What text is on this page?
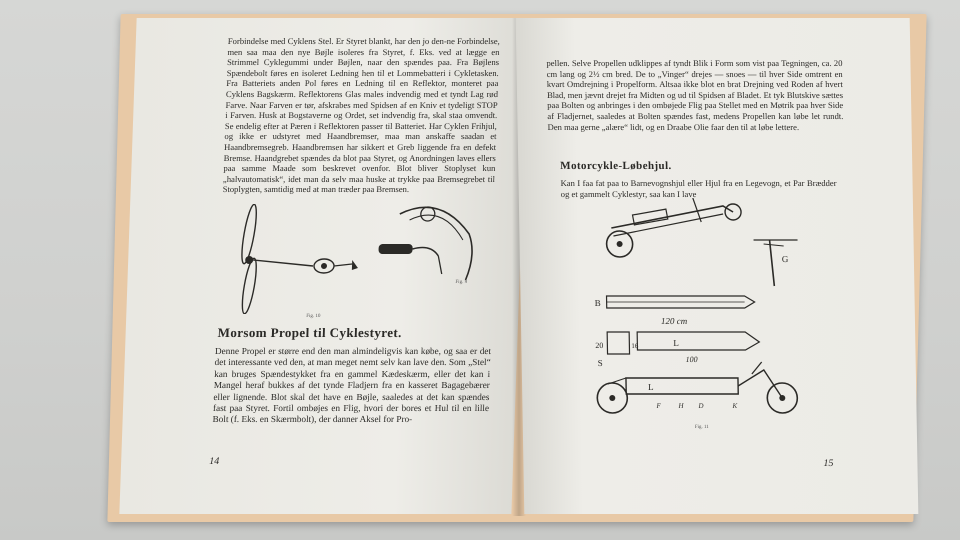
Forbindelse med Cyklens Stel. Er Styret blankt, har den jo den-ne Forbindelse, men saa maa den nye Bøjle isoleres fra Styret, f. Eks. ved at lægge en Strimmel Cyklegummi under Bøjlen, naar den spændes paa. Fra Bøjlens Spændebolt føres en isoleret Ledning hen til et Lommebatteri i Cykletasken. Fra Batteriets anden Pol føres en Ledning til en Reflektor, monteret paa Cyklens Bagskærm. Reflektorens Glas males indvendig med et tyndt Lag rød Farve. Naar Farven er tør, afskrabes med Spidsen af en Kniv et tydeligt STOP i Farven. Husk at Bogstaverne og Ordet, set indvendig fra, skal staa omvendt. Se endelig efter at Pæren i Reflektoren passer til Batteriet. Har Cyklen Frihjul, og ikke er udstyret med Haandbremser, maa man anskaffe saadan et Haandbremsegreb. Haandbremsen har sikkert et Greb liggende fra en defekt Bremse. Haandgrebet spændes da blot paa Styret, og Anordningen laves ellers paa samme Maade som beskrevet ovenfor. Blot bliver Stoplyset kun „halvautomatisk“, idet man da selv maa huske at trykke paa Bremsegrebet til Stoplygten, samtidig med at man træder paa Bremsen.

Fig. 10
Fig. 9
Morsom Propel til Cyklestyret.

Denne Propel er større end den man almindeligvis kan købe, og saa er det det interessante ved den, at man meget nemt selv kan lave den. Som „Stel“ kan bruges Spændestykket fra en gammel Kædeskærm, eller det kan i Mangel heraf bukkes af det tynde Fladjern fra en kasseret Bagagebærer eller lignende. Blot skal det have en Bøjle, saaledes at det kan spændes fast paa Styret. Fortil ombøjes en Flig, hvori der bores et Hul til en lille Bolt (f. Eks. en Skærmbolt), der danner Aksel for Pro-

14

pellen. Selve Propellen udklippes af tyndt Blik i Form som vist paa Tegningen, ca. 20 cm lang og 2½ cm bred. De to „Vinger“ drejes — snoes — til hver Side omtrent en kvart Omdrejning i Propelform. Altsaa ikke blot en brat Drejning ved Roden af hvert Blad, men jævnt drejet fra Midten og ud til Spidsen af Bladet. Et tyk Blutskive sættes paa Bolten og anbringes i den ombøjede Flig paa Stellet med en Møtrik paa hver Side af Fladjernet, saaledes at Bolten spændes fast, medens Propellen kan løbe let rundt. Den maa gerne „alære“ lidt, og en Draabe Olie faar den til at løbe lettere.

Motorcykle-Løbehjul.

Kan I faa fat paa to Barnevognshjul eller Hjul fra en Legevogn, et Par Brædder og et gammelt Cyklestyr, saa kan I lave

G
B
120 cm
20	16
S
L
100
L
H D	K
F
Fig. 11
15
